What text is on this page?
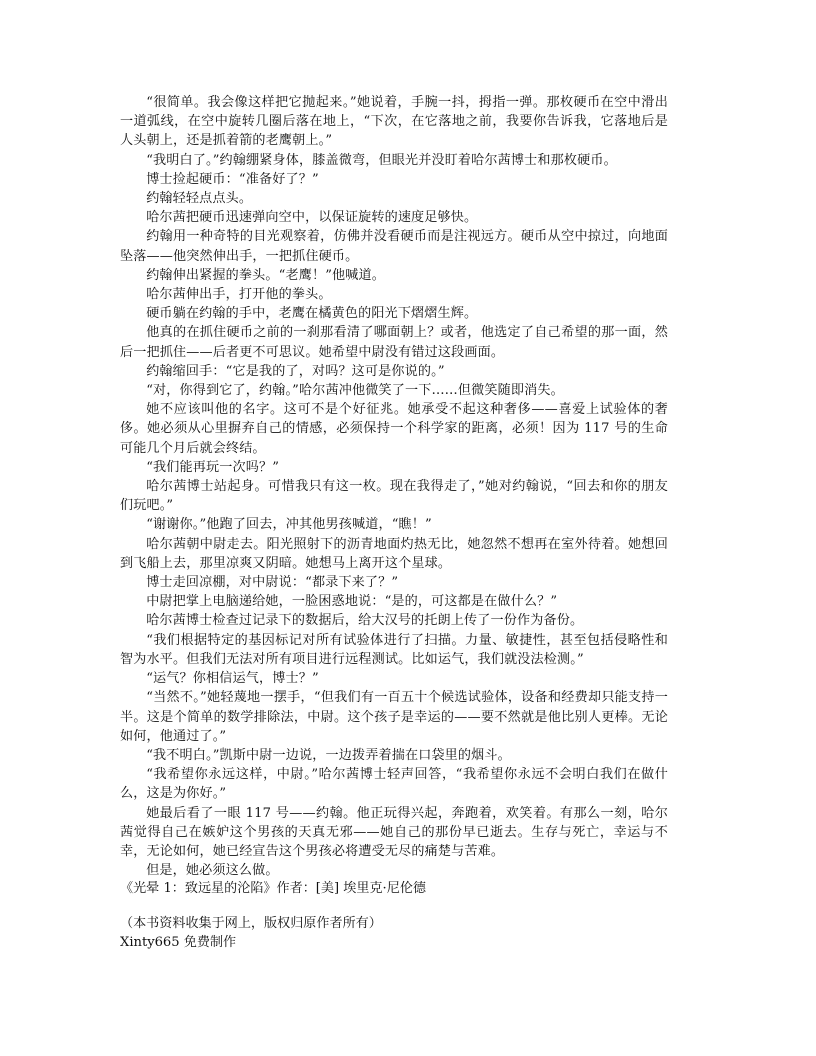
“很简单。我会像这样把它抛起来。”她说着，手腕一抖，拇指一弹。那枚硬币在空中滑出一道弧线，在空中旋转几圈后落在地上，“下次，在它落地之前，我要你告诉我，它落地后是人头朝上，还是抓着箭的老鹰朝上。”

“我明白了。”约翰绷紧身体，膝盖微弯，但眼光并没盯着哈尔茜博士和那枚硬币。

博士捡起硬币：“准备好了？”

约翰轻轻点点头。

哈尔茜把硬币迅速弹向空中，以保证旋转的速度足够快。

约翰用一种奇特的目光观察着，仿佛并没看硬币而是注视远方。硬币从空中掠过，向地面坠落——他突然伸出手，一把抓住硬币。

约翰伸出紧握的拳头。“老鹰！”他喊道。

哈尔茜伸出手，打开他的拳头。

硬币躺在约翰的手中，老鹰在橘黄色的阳光下熠熠生辉。

他真的在抓住硬币之前的一刹那看清了哪面朝上？或者，他选定了自己希望的那一面，然后一把抓住——后者更不可思议。她希望中尉没有错过这段画面。

约翰缩回手：“它是我的了，对吗？这可是你说的。”

“对，你得到它了，约翰。”哈尔茜冲他微笑了一下……但微笑随即消失。

她不应该叫他的名字。这可不是个好征兆。她承受不起这种奢侈——喜爱上试验体的奢侈。她必须从心里摒弃自己的情感，必须保持一个科学家的距离，必须！因为 117 号的生命可能几个月后就会终结。

“我们能再玩一次吗？”

哈尔茜博士站起身。可惜我只有这一枚。现在我得走了，”她对约翰说，“回去和你的朋友们玩吧。”

“谢谢你。”他跑了回去，冲其他男孩喊道，“瞧！”

哈尔茜朝中尉走去。阳光照射下的沥青地面灼热无比，她忽然不想再在室外待着。她想回到飞船上去，那里凉爽又阴暗。她想马上离开这个星球。

博士走回凉棚，对中尉说：“都录下来了？”

中尉把掌上电脑递给她，一脸困惑地说：“是的，可这都是在做什么？”

哈尔茜博士检查过记录下的数据后，给大汉号的托朗上传了一份作为备份。

“我们根据特定的基因标记对所有试验体进行了扫描。力量、敏捷性，甚至包括侵略性和智为水平。但我们无法对所有项目进行远程测试。比如运气，我们就没法检测。”

“运气？你相信运气，博士？”

“当然不。”她轻蔑地一摆手，“但我们有一百五十个候选试验体，设备和经费却只能支持一半。这是个简单的数学排除法，中尉。这个孩子是幸运的——要不然就是他比别人更棒。无论如何，他通过了。”

“我不明白。”凯斯中尉一边说，一边拨弄着揣在口袋里的烟斗。

“我希望你永远这样，中尉。”哈尔茜博士轻声回答，“我希望你永远不会明白我们在做什么，这是为你好。”

她最后看了一眼 117 号——约翰。他正玩得兴起，奔跑着，欢笑着。有那么一刻，哈尔茜觉得自己在嫉妒这个男孩的天真无邪——她自己的那份早已逝去。生存与死亡，幸运与不幸，无论如何，她已经宣告这个男孩必将遭受无尽的痛楚与苦难。

但是，她必须这么做。

《光晕 1：致远星的沦陷》作者：[美] 埃里克·尼伦德

（本书资料收集于网上，版权归原作者所有）

Xinty665 免费制作
